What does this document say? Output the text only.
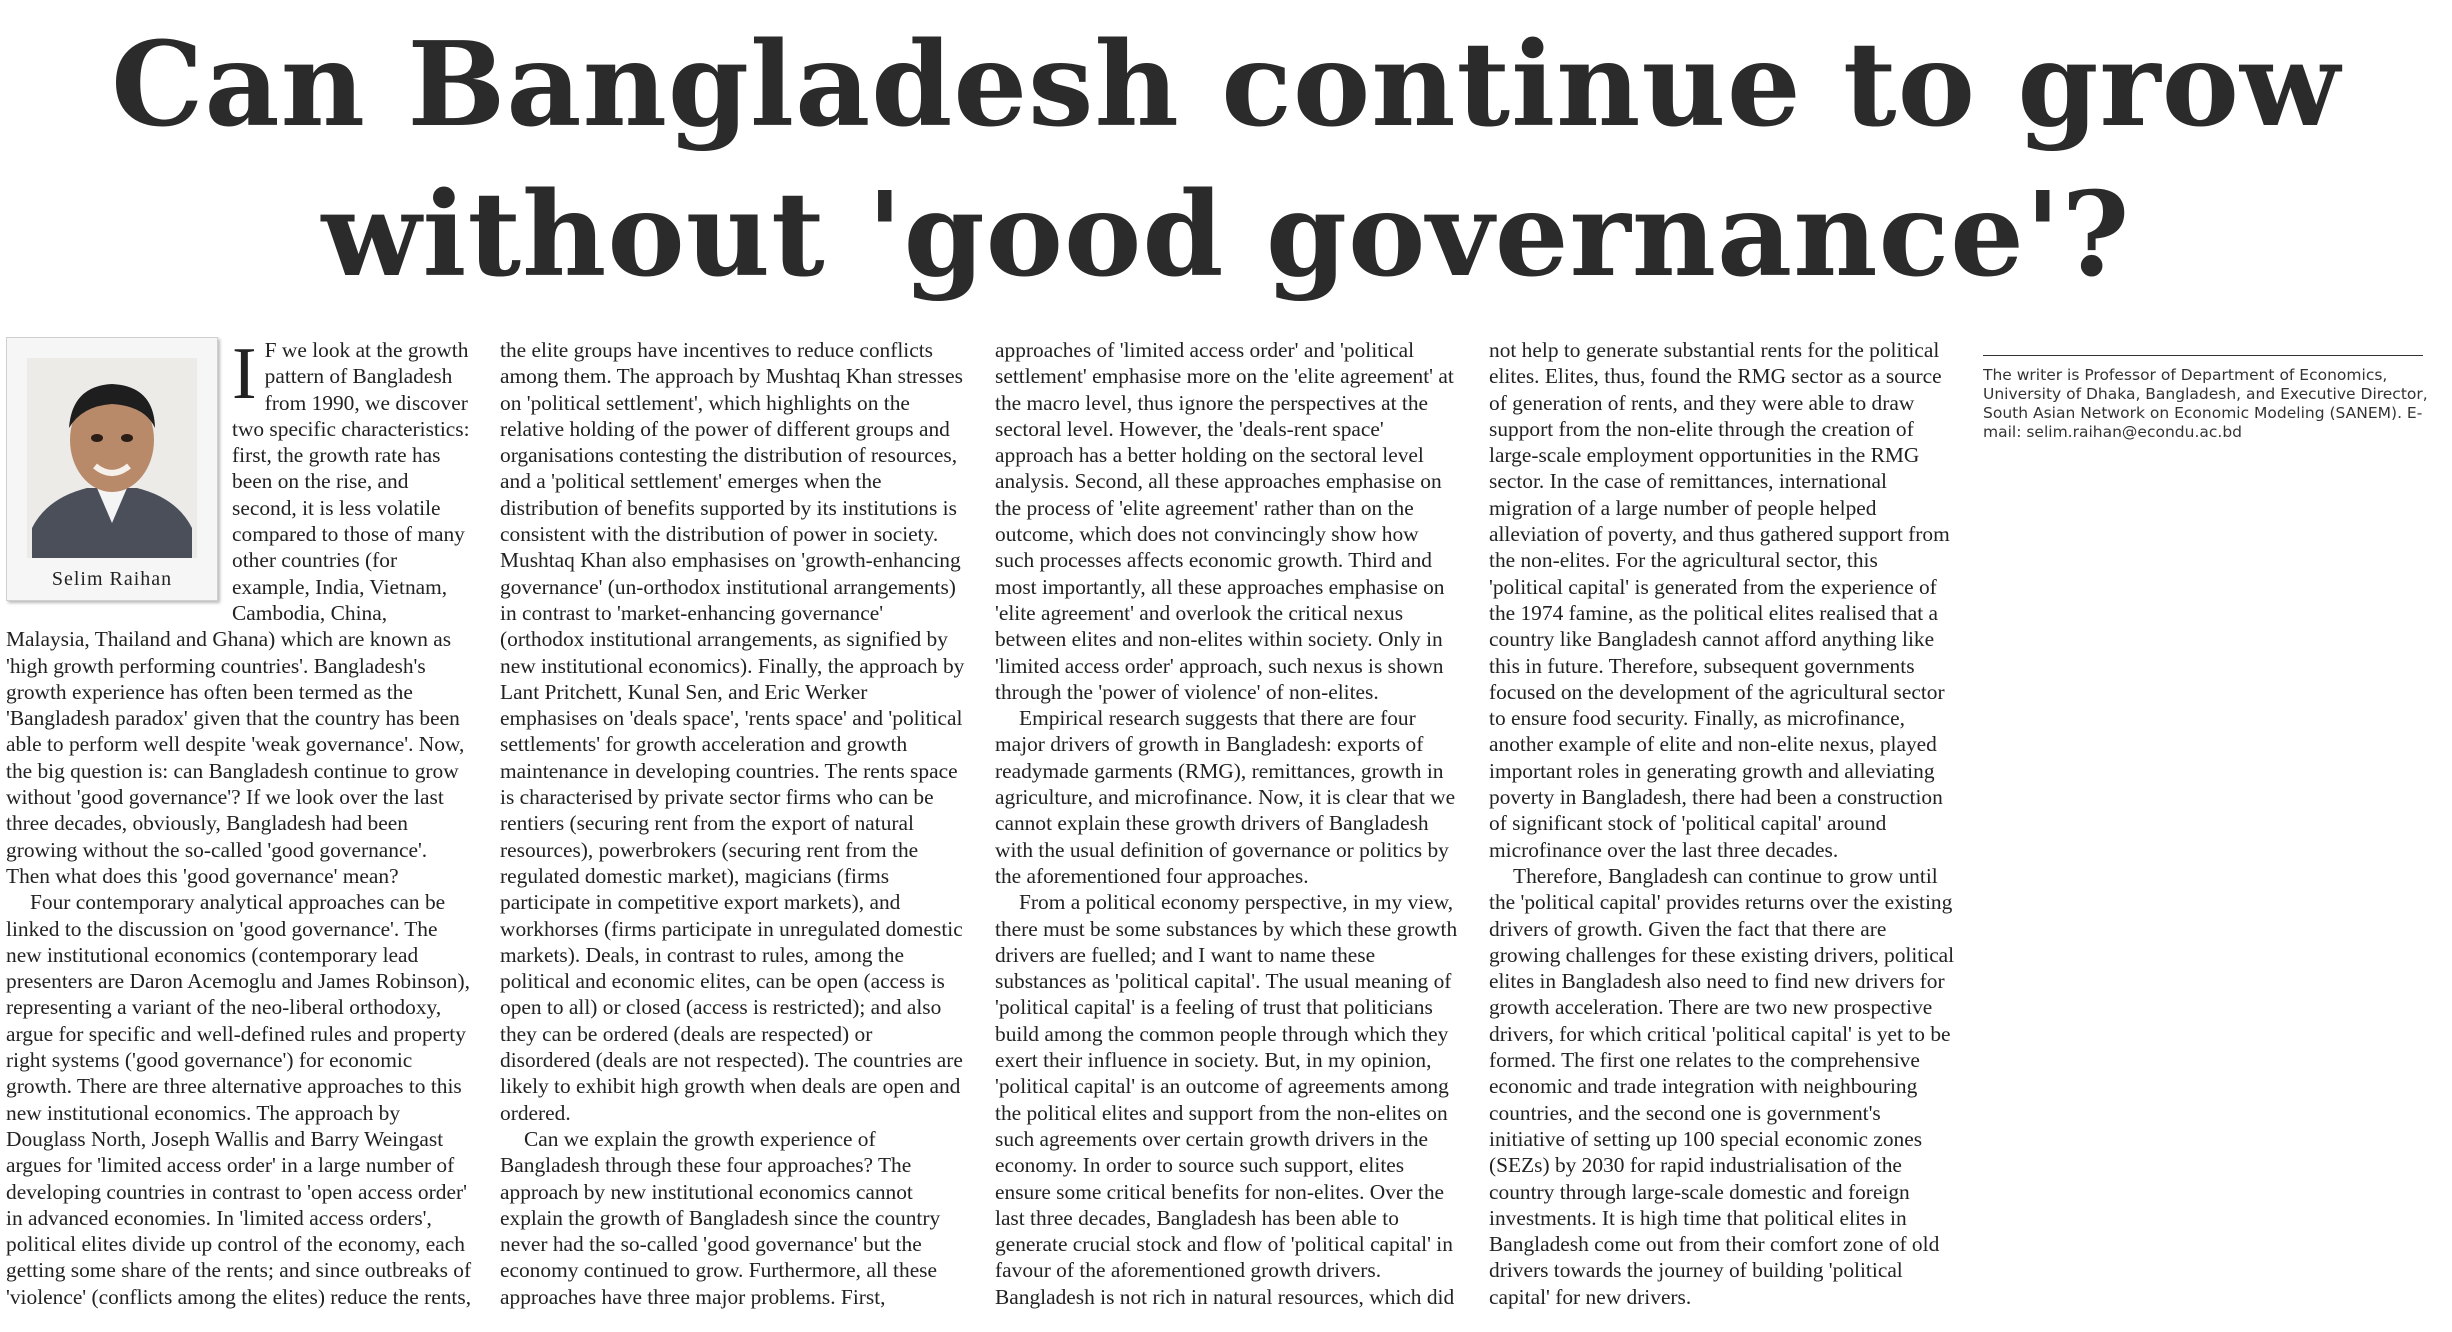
Can Bangladesh continue to grow without 'good governance'?
Selim Raihan
I F we look at the growth pattern of Bangladesh from 1990, we discover two specific characteristics: first, the growth rate has been on the rise, and second, it is less volatile compared to those of many other countries (for example, India, Vietnam, Cambodia, China, Malaysia, Thailand and Ghana) which are known as 'high growth performing countries'. Bangladesh's growth experience has often been termed as the 'Bangladesh paradox' given that the country has been able to perform well despite 'weak governance'. Now, the big question is: can Bangladesh continue to grow without 'good governance'? If we look over the last three decades, obviously, Bangladesh had been growing without the so-called 'good governance'. Then what does this 'good governance' mean?

Four contemporary analytical approaches can be linked to the discussion on 'good governance'. The new institutional economics (contemporary lead presenters are Daron Acemoglu and James Robinson), representing a variant of the neo-liberal orthodoxy, argue for specific and well-defined rules and property right systems ('good governance') for economic growth. There are three alternative approaches to this new institutional economics. The approach by Douglass North, Joseph Wallis and Barry Weingast argues for 'limited access order' in a large number of developing countries in contrast to 'open access order' in advanced economies. In 'limited access orders', political elites divide up control of the economy, each getting some share of the rents; and since outbreaks of 'violence' (conflicts among the elites) reduce the rents,

the elite groups have incentives to reduce conflicts among them. The approach by Mushtaq Khan stresses on 'political settlement', which highlights on the relative holding of the power of different groups and organisations contesting the distribution of resources, and a 'political settlement' emerges when the distribution of benefits supported by its institutions is consistent with the distribution of power in society. Mushtaq Khan also emphasises on 'growth-enhancing governance' (un-orthodox institutional arrangements) in contrast to 'market-enhancing governance' (orthodox institutional arrangements, as signified by new institutional economics). Finally, the approach by Lant Pritchett, Kunal Sen, and Eric Werker emphasises on 'deals space', 'rents space' and 'political settlements' for growth acceleration and growth maintenance in developing countries. The rents space is characterised by private sector firms who can be rentiers (securing rent from the export of natural resources), powerbrokers (securing rent from the regulated domestic market), magicians (firms participate in competitive export markets), and workhorses (firms participate in unregulated domestic markets). Deals, in contrast to rules, among the political and economic elites, can be open (access is open to all) or closed (access is restricted); and also they can be ordered (deals are respected) or disordered (deals are not respected). The countries are likely to exhibit high growth when deals are open and ordered.

Can we explain the growth experience of Bangladesh through these four approaches? The approach by new institutional economics cannot explain the growth of Bangladesh since the country never had the so-called 'good governance' but the economy continued to grow. Furthermore, all these approaches have three major problems. First,

approaches of 'limited access order' and 'political settlement' emphasise more on the 'elite agreement' at the macro level, thus ignore the perspectives at the sectoral level. However, the 'deals-rent space' approach has a better holding on the sectoral level analysis. Second, all these approaches emphasise on the process of 'elite agreement' rather than on the outcome, which does not convincingly show how such processes affects economic growth. Third and most importantly, all these approaches emphasise on 'elite agreement' and overlook the critical nexus between elites and non-elites within society. Only in 'limited access order' approach, such nexus is shown through the 'power of violence' of non-elites.

Empirical research suggests that there are four major drivers of growth in Bangladesh: exports of readymade garments (RMG), remittances, growth in agriculture, and microfinance. Now, it is clear that we cannot explain these growth drivers of Bangladesh with the usual definition of governance or politics by the aforementioned four approaches.

From a political economy perspective, in my view, there must be some substances by which these growth drivers are fuelled; and I want to name these substances as 'political capital'. The usual meaning of 'political capital' is a feeling of trust that politicians build among the common people through which they exert their influence in society. But, in my opinion, 'political capital' is an outcome of agreements among the political elites and support from the non-elites on such agreements over certain growth drivers in the economy. In order to source such support, elites ensure some critical benefits for non-elites. Over the last three decades, Bangladesh has been able to generate crucial stock and flow of 'political capital' in favour of the aforementioned growth drivers. Bangladesh is not rich in natural resources, which did

not help to generate substantial rents for the political elites. Elites, thus, found the RMG sector as a source of generation of rents, and they were able to draw support from the non-elite through the creation of large-scale employment opportunities in the RMG sector. In the case of remittances, international migration of a large number of people helped alleviation of poverty, and thus gathered support from the non-elites. For the agricultural sector, this 'political capital' is generated from the experience of the 1974 famine, as the political elites realised that a country like Bangladesh cannot afford anything like this in future. Therefore, subsequent governments focused on the development of the agricultural sector to ensure food security. Finally, as microfinance, another example of elite and non-elite nexus, played important roles in generating growth and alleviating poverty in Bangladesh, there had been a construction of significant stock of 'political capital' around microfinance over the last three decades.

Therefore, Bangladesh can continue to grow until the 'political capital' provides returns over the existing drivers of growth. Given the fact that there are growing challenges for these existing drivers, political elites in Bangladesh also need to find new drivers for growth acceleration. There are two new prospective drivers, for which critical 'political capital' is yet to be formed. The first one relates to the comprehensive economic and trade integration with neighbouring countries, and the second one is government's initiative of setting up 100 special economic zones (SEZs) by 2030 for rapid industrialisation of the country through large-scale domestic and foreign investments. It is high time that political elites in Bangladesh come out from their comfort zone of old drivers towards the journey of building 'political capital' for new drivers.

The writer is Professor of Department of Economics, University of Dhaka, Bangladesh, and Executive Director, South Asian Network on Economic Modeling (SANEM). E-mail: selim.raihan@econdu.ac.bd
